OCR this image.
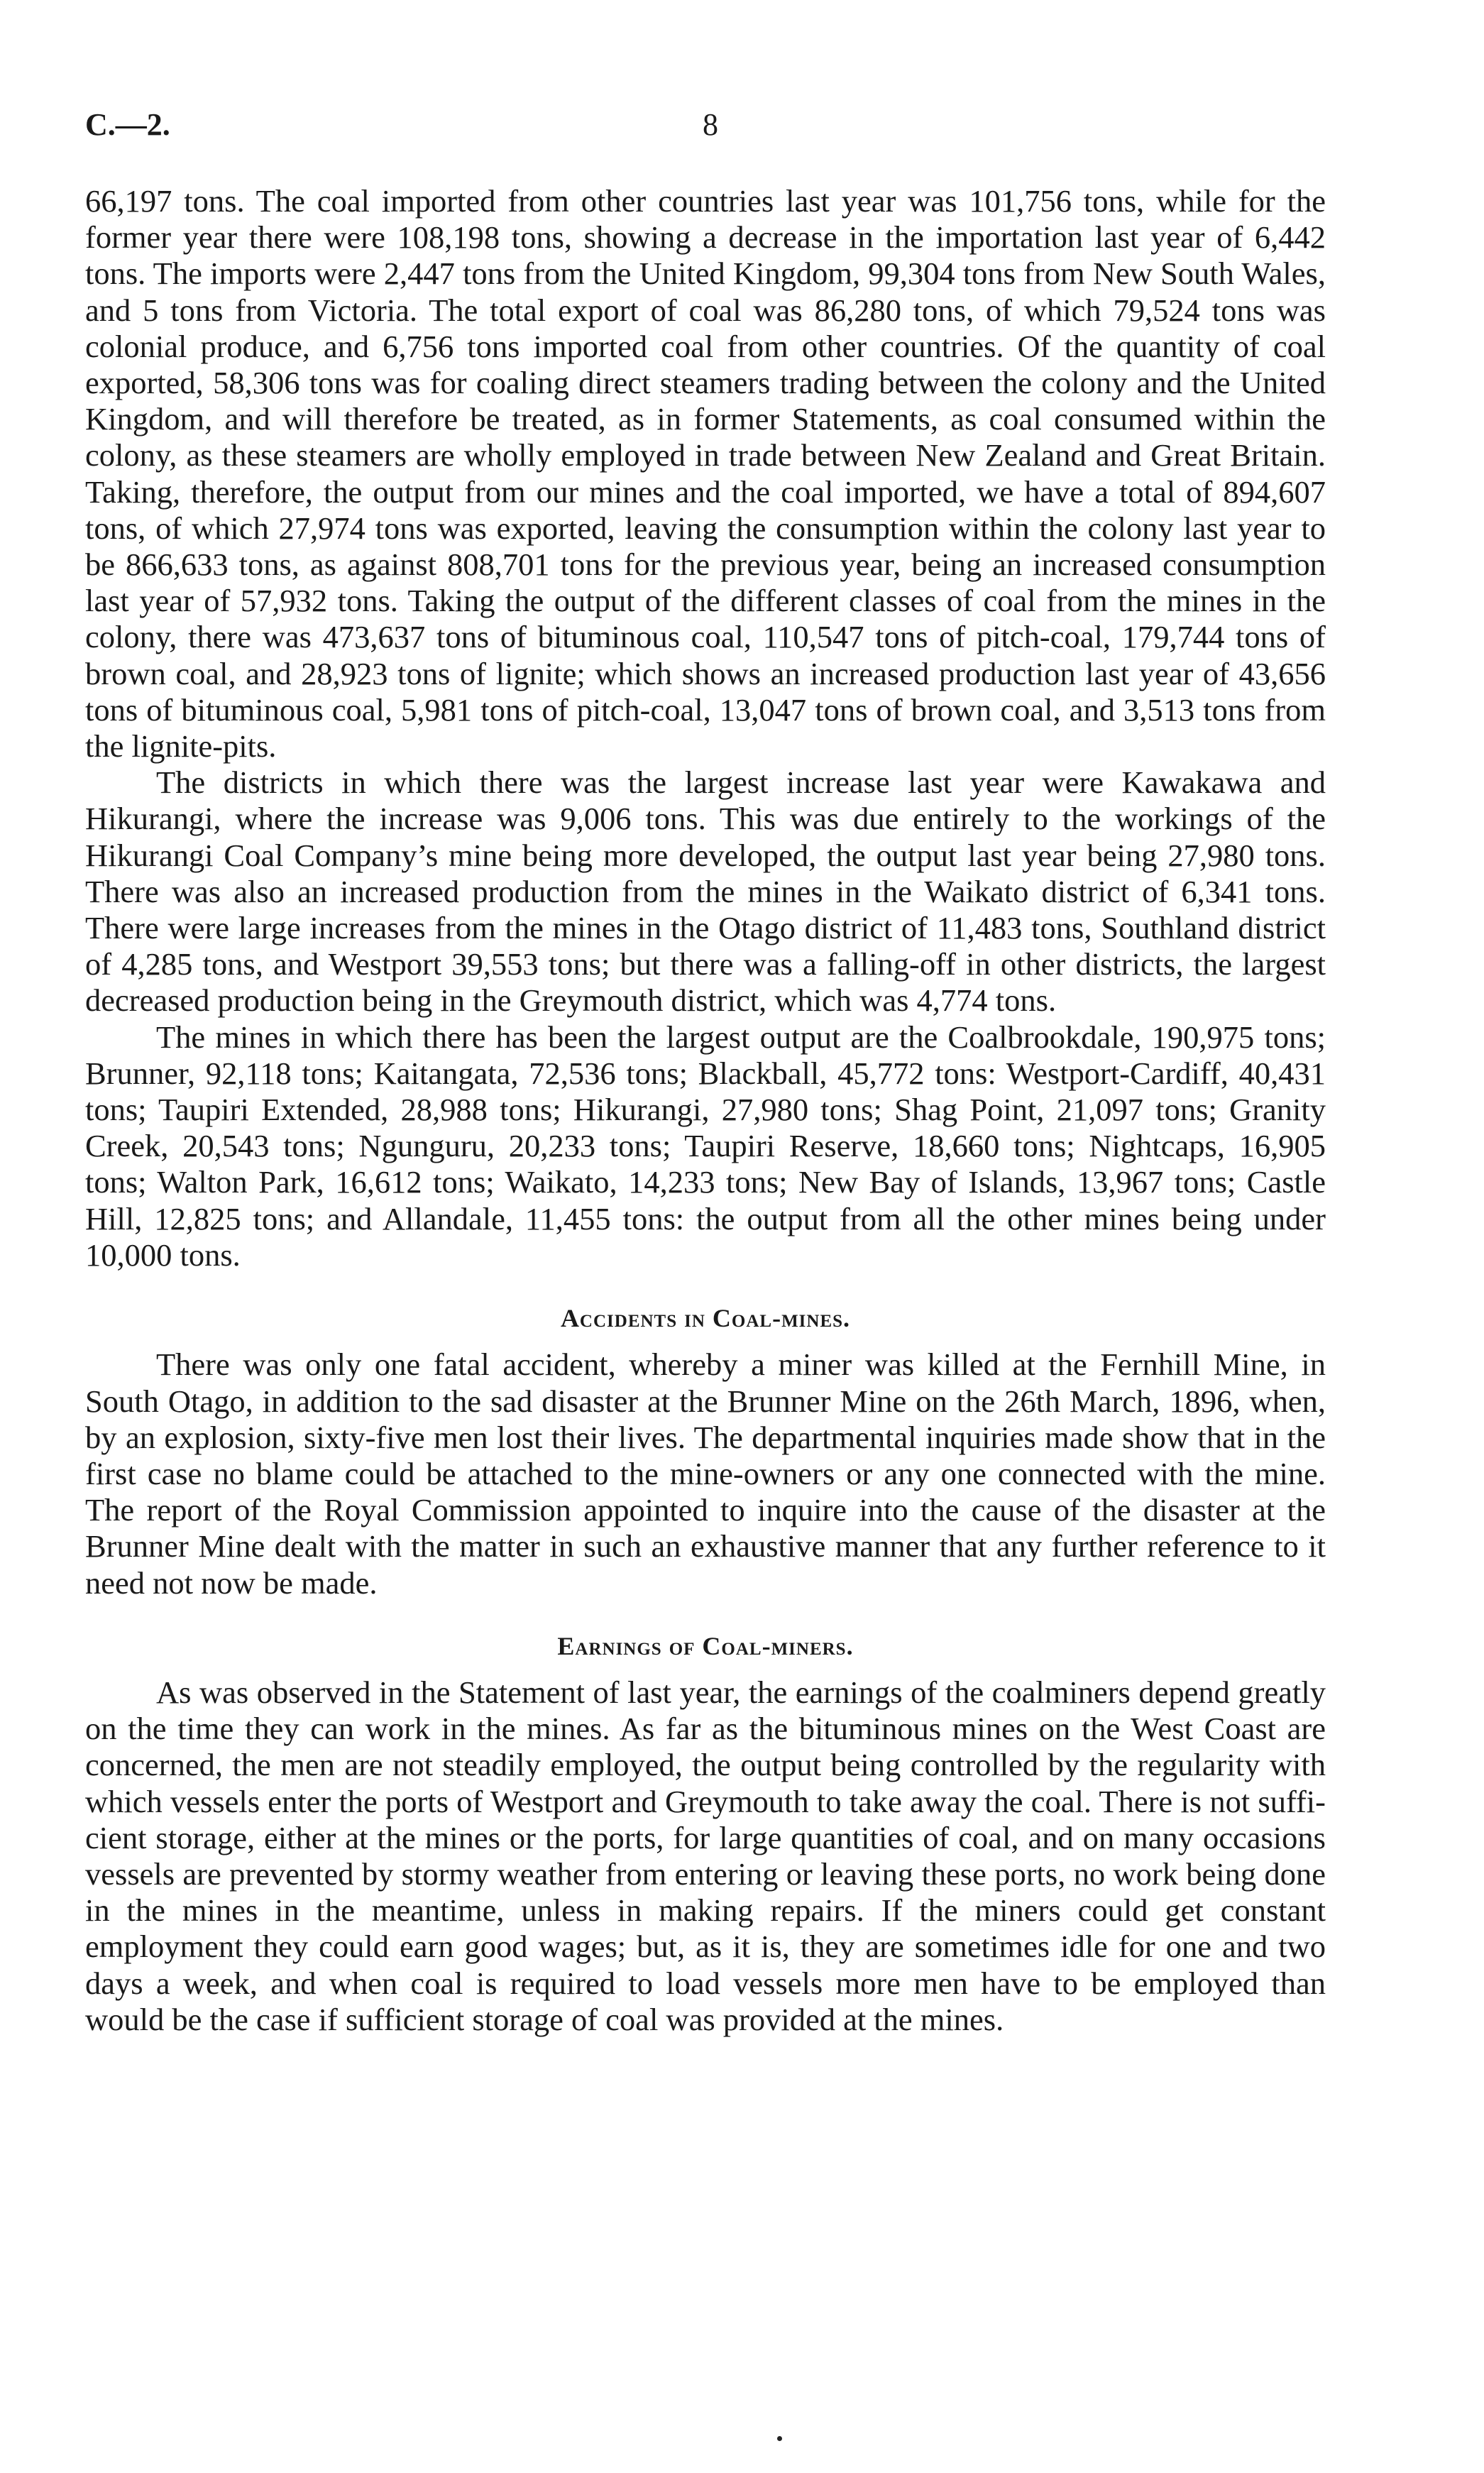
C.—2.	8

66,197 tons. The coal imported from other countries last year was 101,756 tons, while for the former year there were 108,198 tons, showing a decrease in the importation last year of 6,442 tons. The imports were 2,447 tons from the United Kingdom, 99,304 tons from New South Wales, and 5 tons from Victoria. The total export of coal was 86,280 tons, of which 79,524 tons was colonial produce, and 6,756 tons imported coal from other countries. Of the quantity of coal exported, 58,306 tons was for coaling direct steamers trading between the colony and the United Kingdom, and will therefore be treated, as in former Statements, as coal consumed within the colony, as these steamers are wholly employed in trade between New Zealand and Great Britain. Taking, therefore, the output from our mines and the coal imported, we have a total of 894,607 tons, of which 27,974 tons was exported, leaving the consumption within the colony last year to be 866,633 tons, as against 808,701 tons for the previous year, being an increased consumption last year of 57,932 tons. Taking the output of the different classes of coal from the mines in the colony, there was 473,637 tons of bituminous coal, 110,547 tons of pitch-coal, 179,744 tons of brown coal, and 28,923 tons of lignite; which shows an increased production last year of 43,656 tons of bituminous coal, 5,981 tons of pitch-coal, 13,047 tons of brown coal, and 3,513 tons from the lignite-pits.

The districts in which there was the largest increase last year were Kawakawa and Hikurangi, where the increase was 9,006 tons. This was due entirely to the workings of the Hikurangi Coal Company’s mine being more developed, the output last year being 27,980 tons. There was also an increased production from the mines in the Waikato district of 6,341 tons. There were large increases from the mines in the Otago district of 11,483 tons, Southland district of 4,285 tons, and Westport 39,553 tons; but there was a falling-off in other districts, the largest decreased production being in the Greymouth district, which was 4,774 tons.

The mines in which there has been the largest output are the Coalbrookdale, 190,975 tons; Brunner, 92,118 tons; Kaitangata, 72,536 tons; Blackball, 45,772 tons: Westport-Cardiff, 40,431 tons; Taupiri Extended, 28,988 tons; Hikurangi, 27,980 tons; Shag Point, 21,097 tons; Granity Creek, 20,543 tons; Ngunguru, 20,233 tons; Taupiri Reserve, 18,660 tons; Nightcaps, 16,905 tons; Walton Park, 16,612 tons; Waikato, 14,233 tons; New Bay of Islands, 13,967 tons; Castle Hill, 12,825 tons; and Allandale, 11,455 tons: the output from all the other mines being under 10,000 tons.

Accidents in Coal-mines.

There was only one fatal accident, whereby a miner was killed at the Fernhill Mine, in South Otago, in addition to the sad disaster at the Brunner Mine on the 26th March, 1896, when, by an explosion, sixty-five men lost their lives. The departmental inquiries made show that in the first case no blame could be attached to the mine-owners or any one connected with the mine. The report of the Royal Commission appointed to inquire into the cause of the disaster at the Brunner Mine dealt with the matter in such an exhaustive manner that any further reference to it need not now be made.

Earnings of Coal-miners.

As was observed in the Statement of last year, the earnings of the coalminers depend greatly on the time they can work in the mines. As far as the bituminous mines on the West Coast are concerned, the men are not steadily employed, the output being controlled by the regularity with which vessels enter the ports of Westport and Greymouth to take away the coal. There is not sufficient storage, either at the mines or the ports, for large quantities of coal, and on many occasions vessels are prevented by stormy weather from entering or leaving these ports, no work being done in the mines in the meantime, unless in making repairs. If the miners could get constant employment they could earn good wages; but, as it is, they are sometimes idle for one and two days a week, and when coal is required to load vessels more men have to be employed than would be the case if sufficient storage of coal was provided at the mines.
